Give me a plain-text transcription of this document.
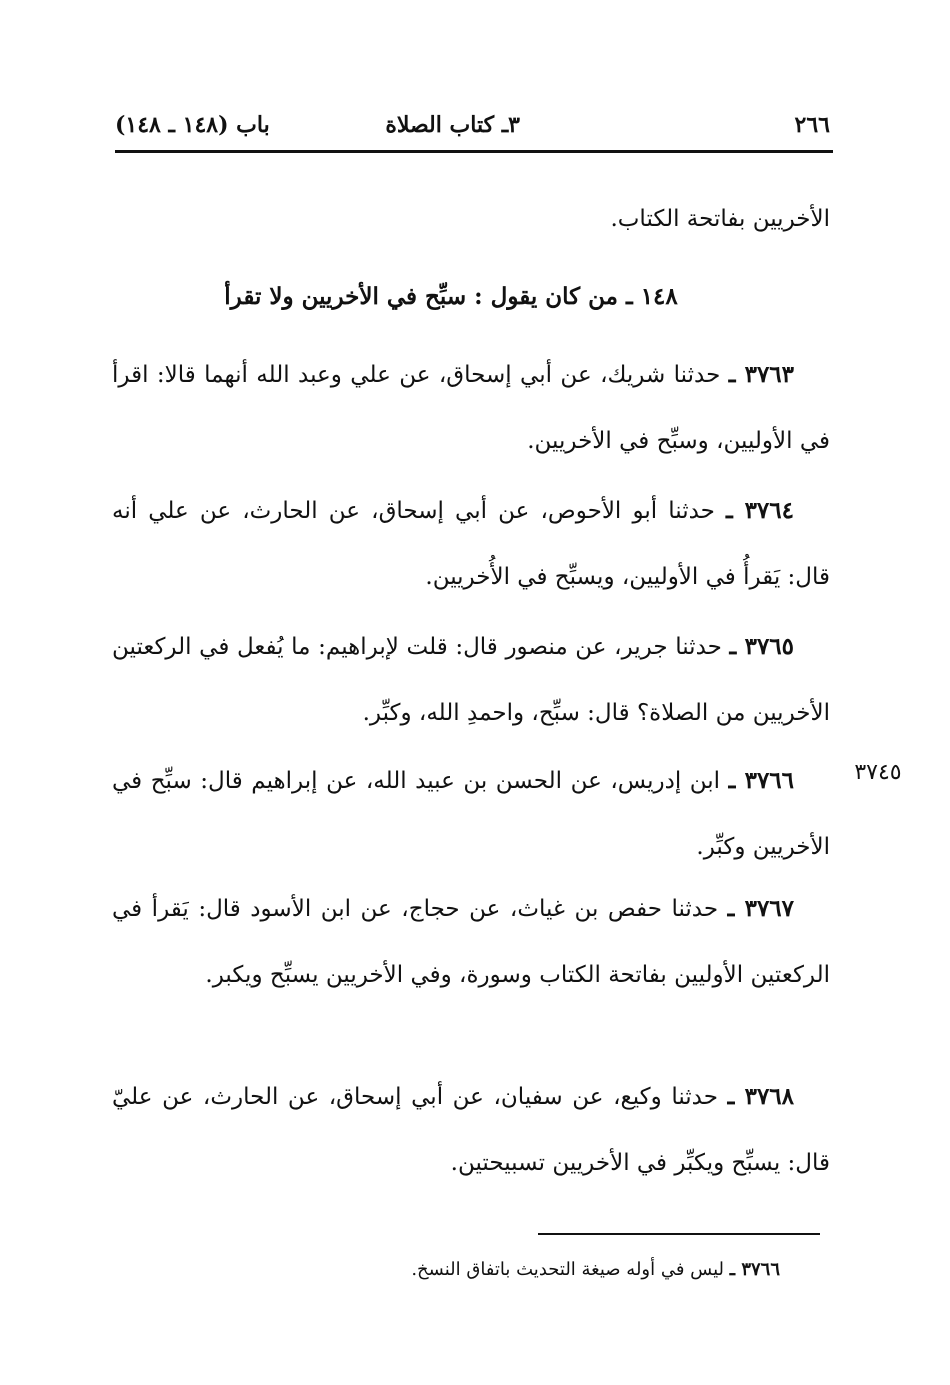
٢٦٦
٣ـ كتاب الصلاة
باب (١٤٨ ـ ١٤٨)

الأخريين بفاتحة الكتاب.

١٤٨ ـ من كان يقول : سبِّح في الأخريين ولا تقرأ
٣٧٦٣ ـ حدثنا شريك، عن أبي إسحاق، عن علي وعبد الله أنهما قالا: اقرأ في الأوليين، وسبِّح في الأخريين.
٣٧٦٤ ـ حدثنا أبو الأحوص، عن أبي إسحاق، عن الحارث، عن علي أنه قال: يَقرأُ في الأوليين، ويسبِّح في الأُخريين.
٣٧٦٥ ـ حدثنا جرير، عن منصور قال: قلت لإبراهيم: ما يُفعل في الركعتين الأخريين من الصلاة؟ قال: سبِّح، واحمدِ الله، وكبِّر.
٣٧٦٦ ـ ابن إدريس، عن الحسن بن عبيد الله، عن إبراهيم قال: سبِّح في الأخريين وكبِّر.
٣٧٤٥
٣٧٦٧ ـ حدثنا حفص بن غياث، عن حجاج، عن ابن الأسود قال: يَقرأ في الركعتين الأوليين بفاتحة الكتاب وسورة، وفي الأخريين يسبِّح ويكبر.
٣٧٦٨ ـ حدثنا وكيع، عن سفيان، عن أبي إسحاق، عن الحارث، عن عليّ قال: يسبِّح ويكبِّر في الأخريين تسبيحتين.
٣٧٦٦ ـ ليس في أوله صيغة التحديث باتفاق النسخ.
